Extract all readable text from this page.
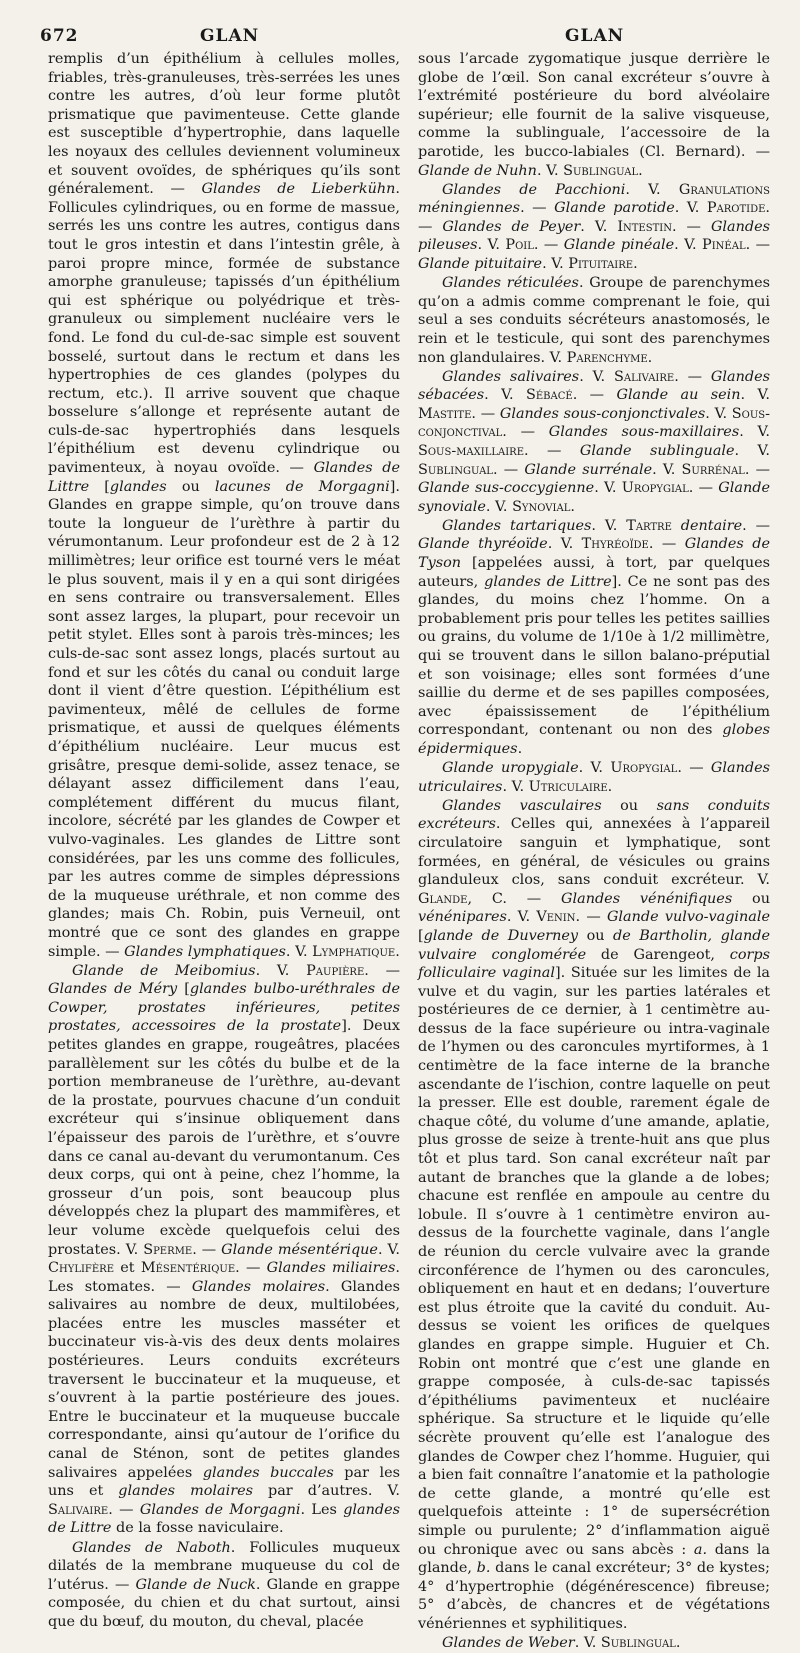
672	GLAN	GLAN

remplis d’un épithélium à cellules molles, friables, très-granuleuses, très-serrées les unes contre les autres, d’où leur forme plutôt prismatique que pavimenteuse. Cette glande est susceptible d’hypertrophie, dans laquelle les noyaux des cellules deviennent volumineux et souvent ovoïdes, de sphériques qu’ils sont généralement. — Glandes de Lieberkühn. Follicules cylindriques, ou en forme de massue, serrés les uns contre les autres, contigus dans tout le gros intestin et dans l’intestin grêle, à paroi propre mince, formée de substance amorphe granuleuse; tapissés d’un épithélium qui est sphérique ou polyédrique et très-granuleux ou simplement nucléaire vers le fond. Le fond du cul-de-sac simple est souvent bosselé, surtout dans le rectum et dans les hypertrophies de ces glandes (polypes du rectum, etc.). Il arrive souvent que chaque bosselure s’allonge et représente autant de culs-de-sac hypertrophiés dans lesquels l’épithélium est devenu cylindrique ou pavimenteux, à noyau ovoïde. — Glandes de Littre [glandes ou lacunes de Morgagni]. Glandes en grappe simple, qu’on trouve dans toute la longueur de l’urèthre à partir du vérumontanum. Leur profondeur est de 2 à 12 millimètres; leur orifice est tourné vers le méat le plus souvent, mais il y en a qui sont dirigées en sens contraire ou transversalement. Elles sont assez larges, la plupart, pour recevoir un petit stylet. Elles sont à parois très-minces; les culs-de-sac sont assez longs, placés surtout au fond et sur les côtés du canal ou conduit large dont il vient d’être question. L’épithélium est pavimenteux, mêlé de cellules de forme prismatique, et aussi de quelques éléments d’épithélium nucléaire. Leur mucus est grisâtre, presque demi-solide, assez tenace, se délayant assez difficilement dans l’eau, complétement différent du mucus filant, incolore, sécrété par les glandes de Cowper et vulvo-vaginales. Les glandes de Littre sont considérées, par les uns comme des follicules, par les autres comme de simples dépressions de la muqueuse uréthrale, et non comme des glandes; mais Ch. Robin, puis Verneuil, ont montré que ce sont des glandes en grappe simple. — Glandes lymphatiques. V. Lymphatique.

Glande de Meibomius. V. Paupière. — Glandes de Méry [glandes bulbo-uréthrales de Cowper, prostates inférieures, petites prostates, accessoires de la prostate]. Deux petites glandes en grappe, rougeâtres, placées parallèlement sur les côtés du bulbe et de la portion membraneuse de l’urèthre, au-devant de la prostate, pourvues chacune d’un conduit excréteur qui s’insinue obliquement dans l’épaisseur des parois de l’urèthre, et s’ouvre dans ce canal au-devant du verumontanum. Ces deux corps, qui ont à peine, chez l’homme, la grosseur d’un pois, sont beaucoup plus développés chez la plupart des mammifères, et leur volume excède quelquefois celui des prostates. V. Sperme. — Glande mésentérique. V. Chylifère et Mésentérique. — Glandes miliaires. Les stomates. — Glandes molaires. Glandes salivaires au nombre de deux, multilobées, placées entre les muscles masséter et buccinateur vis-à-vis des deux dents molaires postérieures. Leurs conduits excréteurs traversent le buccinateur et la muqueuse, et s’ouvrent à la partie postérieure des joues. Entre le buccinateur et la muqueuse buccale correspondante, ainsi qu’autour de l’orifice du canal de Sténon, sont de petites glandes salivaires appelées glandes buccales par les uns et glandes molaires par d’autres. V. Salivaire. — Glandes de Morgagni. Les glandes de Littre de la fosse naviculaire.

Glandes de Naboth. Follicules muqueux dilatés de la membrane muqueuse du col de l’utérus. — Glande de Nuck. Glande en grappe composée, du chien et du chat surtout, ainsi que du bœuf, du mouton, du cheval, placée

sous l’arcade zygomatique jusque derrière le globe de l’œil. Son canal excréteur s’ouvre à l’extrémité postérieure du bord alvéolaire supérieur; elle fournit de la salive visqueuse, comme la sublinguale, l’accessoire de la parotide, les bucco-labiales (Cl. Bernard). — Glande de Nuhn. V. Sublingual.

Glandes de Pacchioni. V. Granulations méningiennes. — Glande parotide. V. Parotide. — Glandes de Peyer. V. Intestin. — Glandes pileuses. V. Poil. — Glande pinéale. V. Pinéal. — Glande pituitaire. V. Pituitaire.

Glandes réticulées. Groupe de parenchymes qu’on a admis comme comprenant le foie, qui seul a ses conduits sécréteurs anastomosés, le rein et le testicule, qui sont des parenchymes non glandulaires. V. Parenchyme.

Glandes salivaires. V. Salivaire. — Glandes sébacées. V. Sébacé. — Glande au sein. V. Mastite. — Glandes sous-conjonctivales. V. Sous-conjonctival. — Glandes sous-maxillaires. V. Sous-maxillaire. — Glande sublinguale. V. Sublingual. — Glande surrénale. V. Surrénal. — Glande sus-coccygienne. V. Uropygial. — Glande synoviale. V. Synovial.

Glandes tartariques. V. Tartre dentaire. — Glande thyréoïde. V. Thyréoïde. — Glandes de Tyson [appelées aussi, à tort, par quelques auteurs, glandes de Littre]. Ce ne sont pas des glandes, du moins chez l’homme. On a probablement pris pour telles les petites saillies ou grains, du volume de 1/10e à 1/2 millimètre, qui se trouvent dans le sillon balano-préputial et son voisinage; elles sont formées d’une saillie du derme et de ses papilles composées, avec épaississement de l’épithélium correspondant, contenant ou non des globes épidermiques.

Glande uropygiale. V. Uropygial. — Glandes utriculaires. V. Utriculaire.

Glandes vasculaires ou sans conduits excréteurs. Celles qui, annexées à l’appareil circulatoire sanguin et lymphatique, sont formées, en général, de vésicules ou grains glanduleux clos, sans conduit excréteur. V. Glande, C. — Glandes vénénifiques ou vénénipares. V. Venin. — Glande vulvo-vaginale [glande de Duverney ou de Bartholin, glande vulvaire conglomérée de Garengeot, corps folliculaire vaginal]. Située sur les limites de la vulve et du vagin, sur les parties latérales et postérieures de ce dernier, à 1 centimètre au-dessus de la face supérieure ou intra-vaginale de l’hymen ou des caroncules myrtiformes, à 1 centimètre de la face interne de la branche ascendante de l’ischion, contre laquelle on peut la presser. Elle est double, rarement égale de chaque côté, du volume d’une amande, aplatie, plus grosse de seize à trente-huit ans que plus tôt et plus tard. Son canal excréteur naît par autant de branches que la glande a de lobes; chacune est renflée en ampoule au centre du lobule. Il s’ouvre à 1 centimètre environ au-dessus de la fourchette vaginale, dans l’angle de réunion du cercle vulvaire avec la grande circonférence de l’hymen ou des caroncules, obliquement en haut et en dedans; l’ouverture est plus étroite que la cavité du conduit. Au-dessus se voient les orifices de quelques glandes en grappe simple. Huguier et Ch. Robin ont montré que c’est une glande en grappe composée, à culs-de-sac tapissés d’épithéliums pavimenteux et nucléaire sphérique. Sa structure et le liquide qu’elle sécrète prouvent qu’elle est l’analogue des glandes de Cowper chez l’homme. Huguier, qui a bien fait connaître l’anatomie et la pathologie de cette glande, a montré qu’elle est quelquefois atteinte : 1° de supersécrétion simple ou purulente; 2° d’inflammation aiguë ou chronique avec ou sans abcès : a. dans la glande, b. dans le canal excréteur; 3° de kystes; 4° d’hypertrophie (dégénérescence) fibreuse; 5° d’abcès, de chancres et de végétations vénériennes et syphilitiques.

Glandes de Weber. V. Sublingual.
